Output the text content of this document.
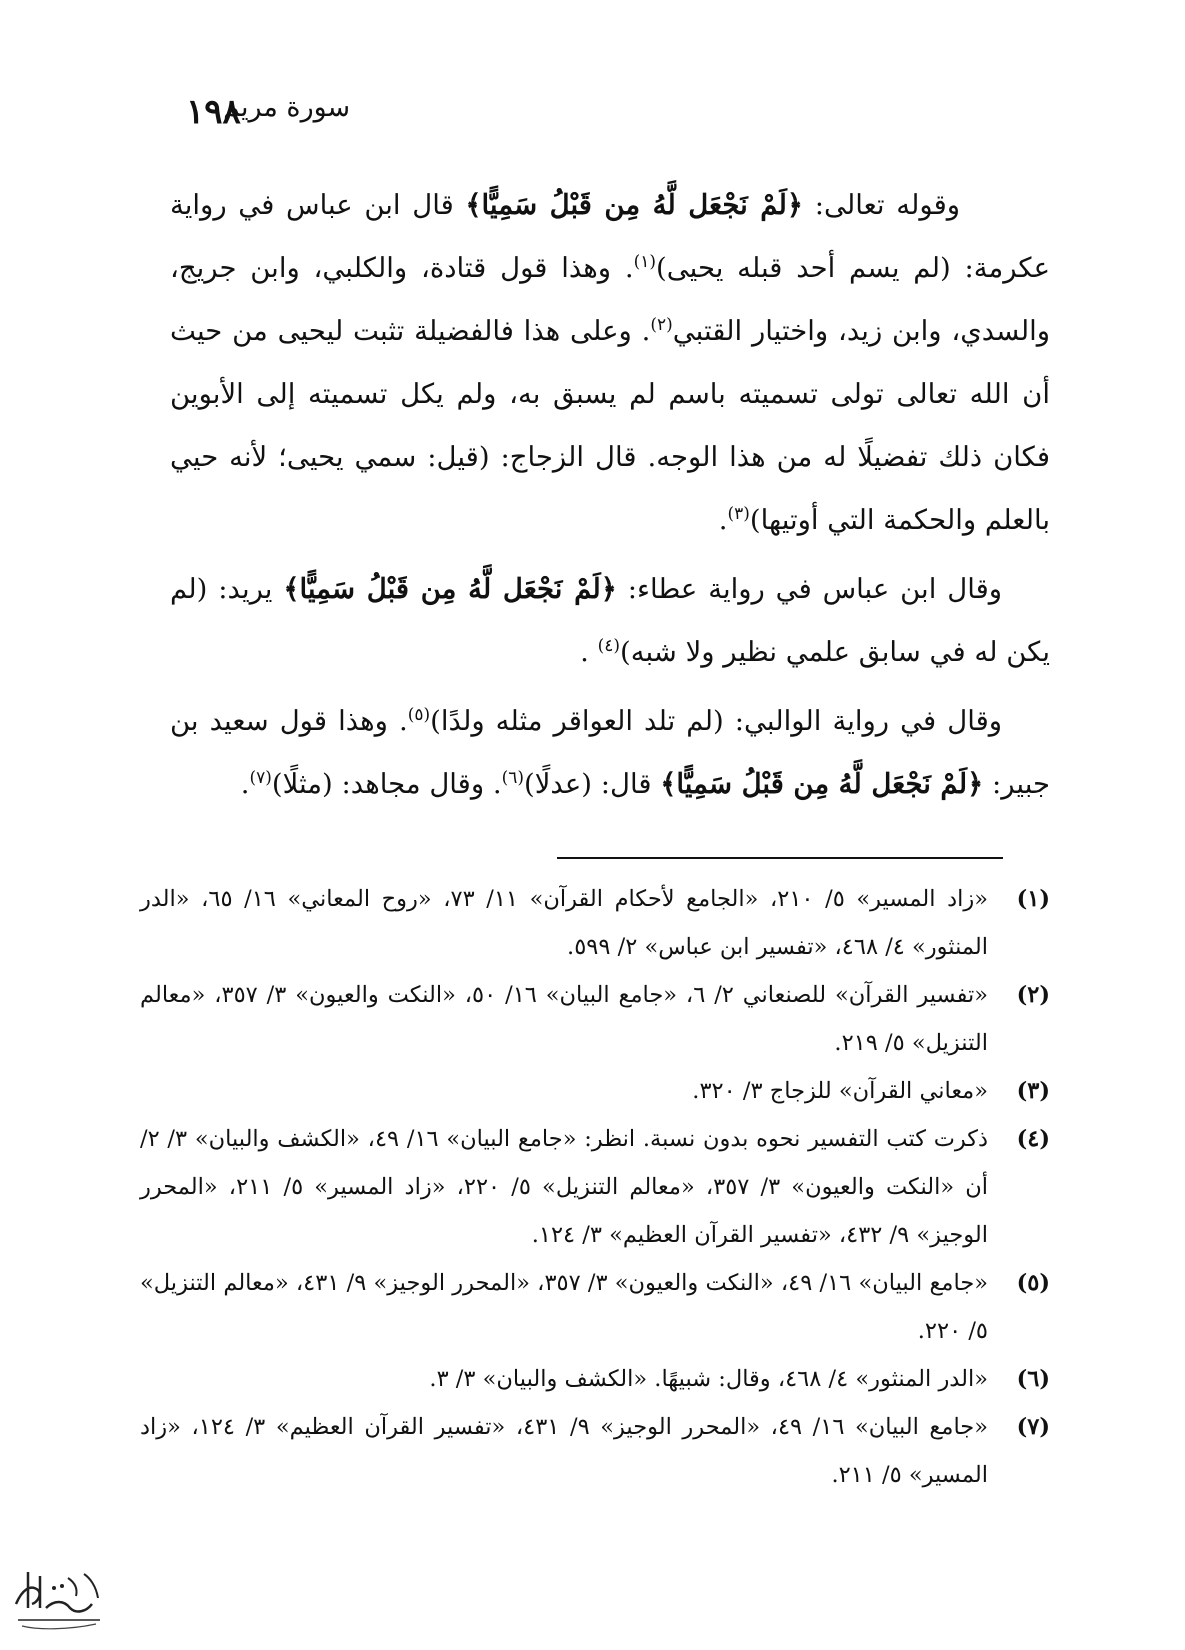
١٩٨
سورة مريم

وقوله تعالى: ﴿لَمْ نَجْعَل لَّهُ مِن قَبْلُ سَمِيًّا﴾ قال ابن عباس في رواية عكرمة: (لم يسم أحد قبله يحيى)$^{(١)}$. وهذا قول قتادة، والكلبي، وابن جريج، والسدي، وابن زيد، واختيار القتبي$^{(٢)}$. وعلى هذا فالفضيلة تثبت ليحيى من حيث أن الله تعالى تولى تسميته باسم لم يسبق به، ولم يكل تسميته إلى الأبوين فكان ذلك تفضيلًا له من هذا الوجه. قال الزجاج: (قيل: سمي يحيى؛ لأنه حيي بالعلم والحكمة التي أوتيها)$^{(٣)}$.

وقال ابن عباس في رواية عطاء: ﴿لَمْ نَجْعَل لَّهُ مِن قَبْلُ سَمِيًّا﴾ يريد: (لم يكن له في سابق علمي نظير ولا شبه)$^{(٤)}$ .

وقال في رواية الوالبي: (لم تلد العواقر مثله ولدًا)$^{(٥)}$. وهذا قول سعيد بن جبير: ﴿لَمْ نَجْعَل لَّهُ مِن قَبْلُ سَمِيًّا﴾ قال: (عدلًا)$^{(٦)}$. وقال مجاهد: (مثلًا)$^{(٧)}$.

(١)
«زاد المسير» ٥/ ٢١٠، «الجامع لأحكام القرآن» ١١/ ٧٣، «روح المعاني» ١٦/ ٦٥، «الدر المنثور» ٤/ ٤٦٨، «تفسير ابن عباس» ٢/ ٥٩٩.
(٢)
«تفسير القرآن» للصنعاني ٢/ ٦، «جامع البيان» ١٦/ ٥٠، «النكت والعيون» ٣/ ٣٥٧، «معالم التنزيل» ٥/ ٢١٩.
(٣)
«معاني القرآن» للزجاج ٣/ ٣٢٠.
(٤)
ذكرت كتب التفسير نحوه بدون نسبة. انظر: «جامع البيان» ١٦/ ٤٩، «الكشف والبيان» ٣/ ٢/ أن «النكت والعيون» ٣/ ٣٥٧، «معالم التنزيل» ٥/ ٢٢٠، «زاد المسير» ٥/ ٢١١، «المحرر الوجيز» ٩/ ٤٣٢، «تفسير القرآن العظيم» ٣/ ١٢٤.
(٥)
«جامع البيان» ١٦/ ٤٩، «النكت والعيون» ٣/ ٣٥٧، «المحرر الوجيز» ٩/ ٤٣١، «معالم التنزيل» ٥/ ٢٢٠.
(٦)
«الدر المنثور» ٤/ ٤٦٨، وقال: شبيهًا. «الكشف والبيان» ٣/ ٣.
(٧)
«جامع البيان» ١٦/ ٤٩، «المحرر الوجيز» ٩/ ٤٣١، «تفسير القرآن العظيم» ٣/ ١٢٤، «زاد المسير» ٥/ ٢١١.
